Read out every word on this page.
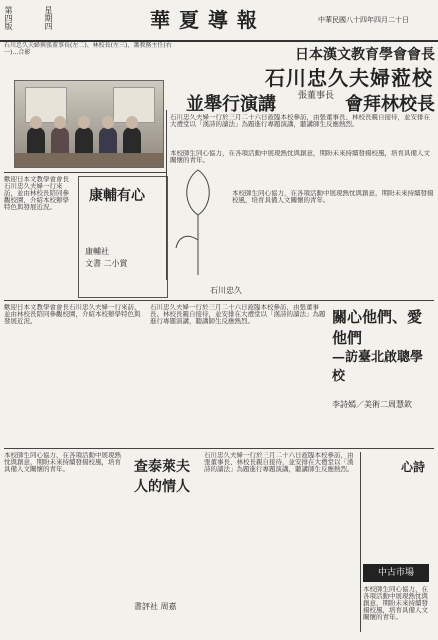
第四版	星期四	華 夏 導 報	中華民國八十四年四月二十日
石川忠久夫婦與張董事長(左二)、林校長(左三)、蕭教務主任(右一)…合影	日本漢文教育學會會長
石川忠久夫婦蒞校
會拜林校長
張董事長
並舉行演講
石川忠久夫婦一行於三月二十六日蒞臨本校參訪，由張董事長、林校長親自接待，並安排在大禮堂以「漢詩的讀法」為題進行專題演講，聽講師生反應熱烈。
本校師生同心協力，在各項活動中展現熱忱與創意，期盼未來持續發揚校風，培育具備人文關懷的青年。
歡迎日本文教學會會長石川忠久夫婦一行來訪，並由林校長陪同參觀校園，介紹本校辦學特色與發展近況。
康輔有心
康輔社
文書 二小賞
石川忠久
本校師生同心協力，在各項活動中展現熱忱與創意，期盼未來持續發揚校風，培育具備人文關懷的青年。
關心他們、愛他們
—訪臺北啟聰學校
李詩嫣／美術二周慧欽
石川忠久夫婦一行於三月二十六日蒞臨本校參訪，由張董事長、林校長親自接待，並安排在大禮堂以「漢詩的讀法」為題進行專題演講，聽講師生反應熱烈。
歡迎日本文教學會會長石川忠久夫婦一行來訪，並由林校長陪同參觀校園，介紹本校辦學特色與發展近況。
查泰萊夫人的情人
書評社 周嘉
本校師生同心協力，在各項活動中展現熱忱與創意，期盼未來持續發揚校風，培育具備人文關懷的青年。
石川忠久夫婦一行於三月二十六日蒞臨本校參訪，由張董事長、林校長親自接待，並安排在大禮堂以「漢詩的讀法」為題進行專題演講，聽講師生反應熱烈。	心詩
中古市場
本校師生同心協力，在各項活動中展現熱忱與創意，期盼未來持續發揚校風，培育具備人文關懷的青年。
